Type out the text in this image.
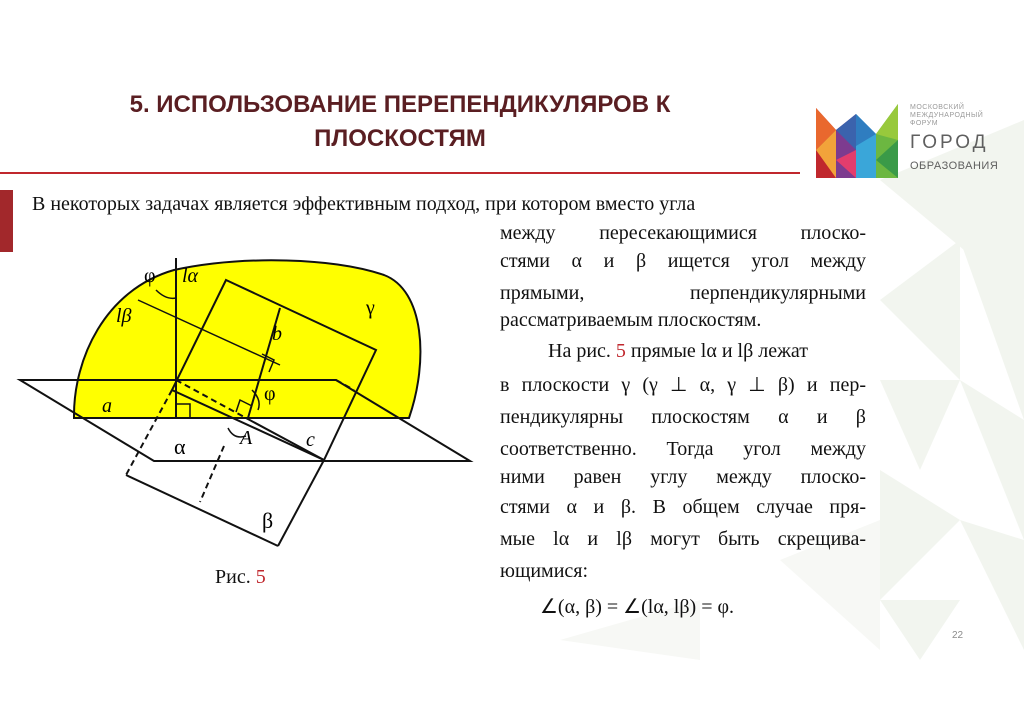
5. ИСПОЛЬЗОВАНИЕ ПЕРЕПЕНДИКУЛЯРОВ К
ПЛОСКОСТЯМ
МОСКОВСКИЙ
МЕЖДУНАРОДНЫЙ
ФОРУМ
ГОРОД
ОБРАЗОВАНИЯ
В некоторых задачах является эффективным подход, при котором вместо угла
между пересекающимися плоско-
стями α и β ищется угол между
прямыми, перпендикулярными
рассматриваемым плоскостям.
На рис. 5 прямые lα и lβ лежат
в плоскости γ (γ ⊥ α, γ ⊥ β) и пер-
пендикулярны плоскостям α и β
соответственно. Тогда угол между
ними равен углу между плоско-
стями α и β. В общем случае пря-
мые lα и lβ могут быть скрещива-
ющимися:
∠(α, β) = ∠(lα, lβ) = φ.
φ lα
lβ	γ
b
φ
a
α	A	c
β
Рис. 5
22
